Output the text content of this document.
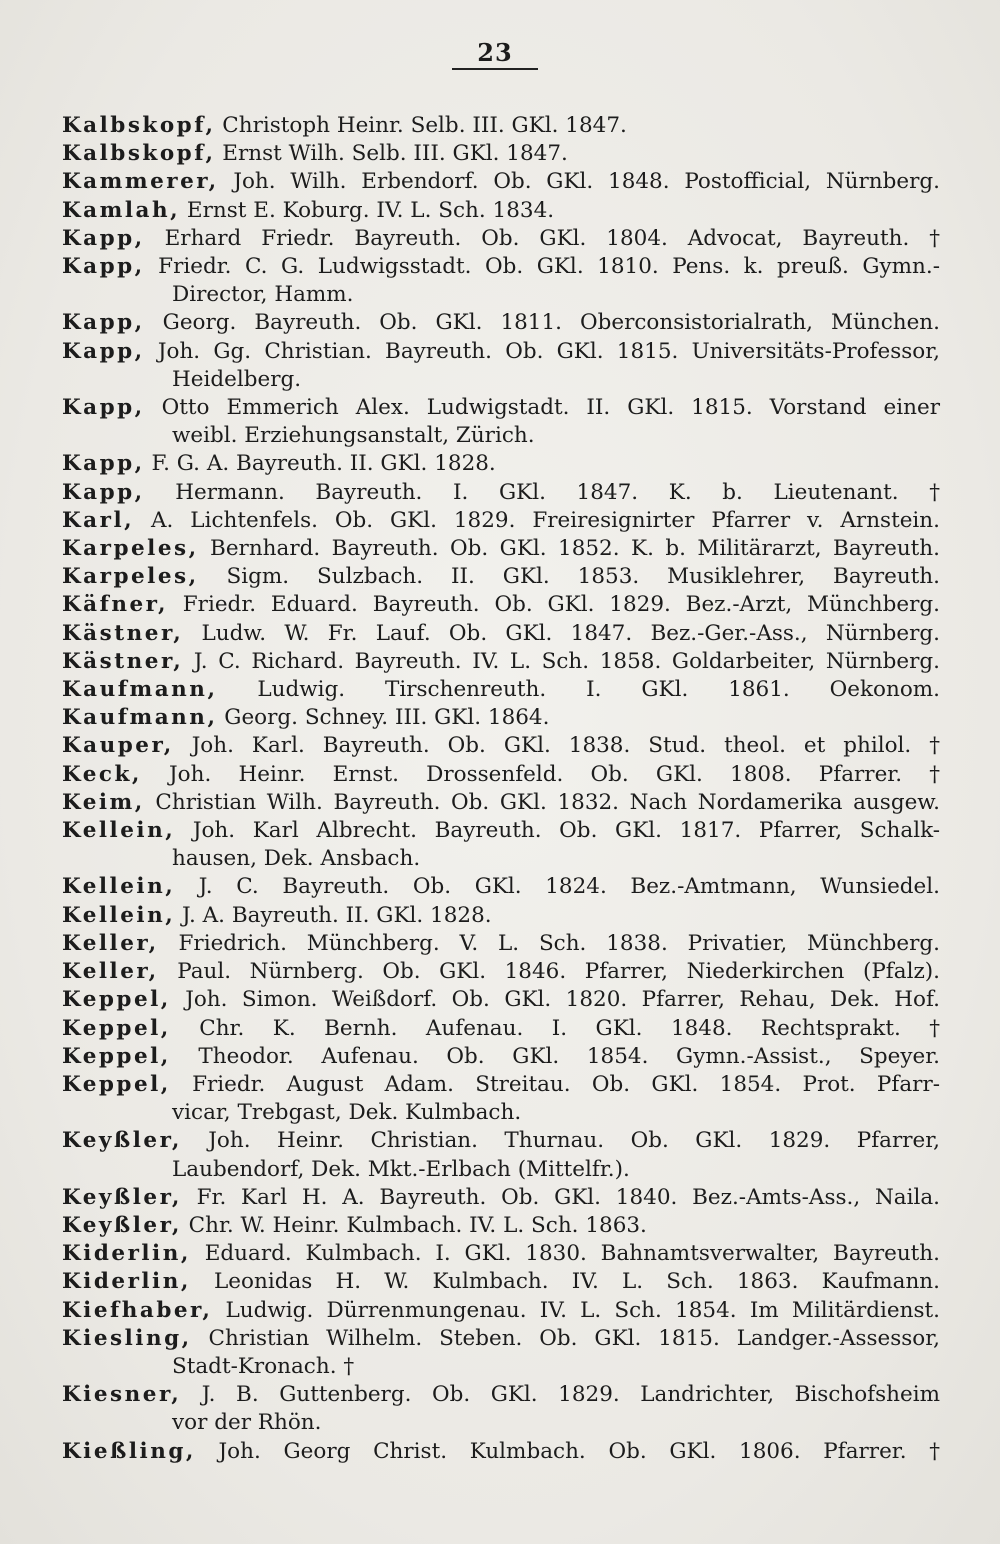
23
Kalbskopf, Christoph Heinr. Selb. III. GKl. 1847.
Kalbskopf, Ernst Wilh. Selb. III. GKl. 1847.
Kammerer, Joh. Wilh. Erbendorf. Ob. GKl. 1848. Postofficial, Nürnberg.
Kamlah, Ernst E. Koburg. IV. L. Sch. 1834.
Kapp, Erhard Friedr. Bayreuth. Ob. GKl. 1804. Advocat, Bayreuth. †
Kapp, Friedr. C. G. Ludwigsstadt. Ob. GKl. 1810. Pens. k. preuß. Gymn.-
Director, Hamm.
Kapp, Georg. Bayreuth. Ob. GKl. 1811. Oberconsistorialrath, München.
Kapp, Joh. Gg. Christian. Bayreuth. Ob. GKl. 1815. Universitäts-Professor,
Heidelberg.
Kapp, Otto Emmerich Alex. Ludwigstadt. II. GKl. 1815. Vorstand einer
weibl. Erziehungsanstalt, Zürich.
Kapp, F. G. A. Bayreuth. II. GKl. 1828.
Kapp, Hermann. Bayreuth. I. GKl. 1847. K. b. Lieutenant. †
Karl, A. Lichtenfels. Ob. GKl. 1829. Freiresignirter Pfarrer v. Arnstein.
Karpeles, Bernhard. Bayreuth. Ob. GKl. 1852. K. b. Militärarzt, Bayreuth.
Karpeles, Sigm. Sulzbach. II. GKl. 1853. Musiklehrer, Bayreuth.
Käfner, Friedr. Eduard. Bayreuth. Ob. GKl. 1829. Bez.-Arzt, Münchberg.
Kästner, Ludw. W. Fr. Lauf. Ob. GKl. 1847. Bez.-Ger.-Ass., Nürnberg.
Kästner, J. C. Richard. Bayreuth. IV. L. Sch. 1858. Goldarbeiter, Nürnberg.
Kaufmann, Ludwig. Tirschenreuth. I. GKl. 1861. Oekonom.
Kaufmann, Georg. Schney. III. GKl. 1864.
Kauper, Joh. Karl. Bayreuth. Ob. GKl. 1838. Stud. theol. et philol. †
Keck, Joh. Heinr. Ernst. Drossenfeld. Ob. GKl. 1808. Pfarrer. †
Keim, Christian Wilh. Bayreuth. Ob. GKl. 1832. Nach Nordamerika ausgew.
Kellein, Joh. Karl Albrecht. Bayreuth. Ob. GKl. 1817. Pfarrer, Schalk-
hausen, Dek. Ansbach.
Kellein, J. C. Bayreuth. Ob. GKl. 1824. Bez.-Amtmann, Wunsiedel.
Kellein, J. A. Bayreuth. II. GKl. 1828.
Keller, Friedrich. Münchberg. V. L. Sch. 1838. Privatier, Münchberg.
Keller, Paul. Nürnberg. Ob. GKl. 1846. Pfarrer, Niederkirchen (Pfalz).
Keppel, Joh. Simon. Weißdorf. Ob. GKl. 1820. Pfarrer, Rehau, Dek. Hof.
Keppel, Chr. K. Bernh. Aufenau. I. GKl. 1848. Rechtsprakt. †
Keppel, Theodor. Aufenau. Ob. GKl. 1854. Gymn.-Assist., Speyer.
Keppel, Friedr. August Adam. Streitau. Ob. GKl. 1854. Prot. Pfarr-
vicar, Trebgast, Dek. Kulmbach.
Keyßler, Joh. Heinr. Christian. Thurnau. Ob. GKl. 1829. Pfarrer,
Laubendorf, Dek. Mkt.-Erlbach (Mittelfr.).
Keyßler, Fr. Karl H. A. Bayreuth. Ob. GKl. 1840. Bez.-Amts-Ass., Naila.
Keyßler, Chr. W. Heinr. Kulmbach. IV. L. Sch. 1863.
Kiderlin, Eduard. Kulmbach. I. GKl. 1830. Bahnamtsverwalter, Bayreuth.
Kiderlin, Leonidas H. W. Kulmbach. IV. L. Sch. 1863. Kaufmann.
Kiefhaber, Ludwig. Dürrenmungenau. IV. L. Sch. 1854. Im Militärdienst.
Kiesling, Christian Wilhelm. Steben. Ob. GKl. 1815. Landger.-Assessor,
Stadt-Kronach. †
Kiesner, J. B. Guttenberg. Ob. GKl. 1829. Landrichter, Bischofsheim
vor der Rhön.
Kießling, Joh. Georg Christ. Kulmbach. Ob. GKl. 1806. Pfarrer. †
